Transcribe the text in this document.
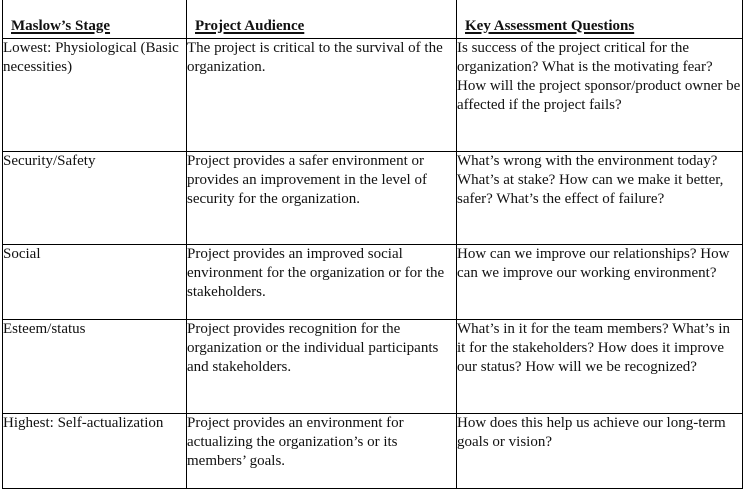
Maslow’s Stage	Project Audience	Key Assessment Questions
Lowest: Physiological (Basic necessities)	The project is critical to the survival of the organization.	Is success of the project critical for the organization? What is the motivating fear? How will the project sponsor/product owner be affected if the project fails?
Security/Safety	Project provides a safer environment or provides an improvement in the level of security for the organization.	What’s wrong with the environment today? What’s at stake? How can we make it better, safer? What’s the effect of failure?
Social	Project provides an improved social environment for the organization or for the stakeholders.	How can we improve our relationships? How can we improve our working environment?
Esteem/status	Project provides recognition for the organization or the individual participants and stakeholders.	What’s in it for the team members? What’s in it for the stakeholders? How does it improve our status? How will we be recognized?
Highest: Self-actualization	Project provides an environment for actualizing the organization’s or its members’ goals.	How does this help us achieve our long-term goals or vision?
